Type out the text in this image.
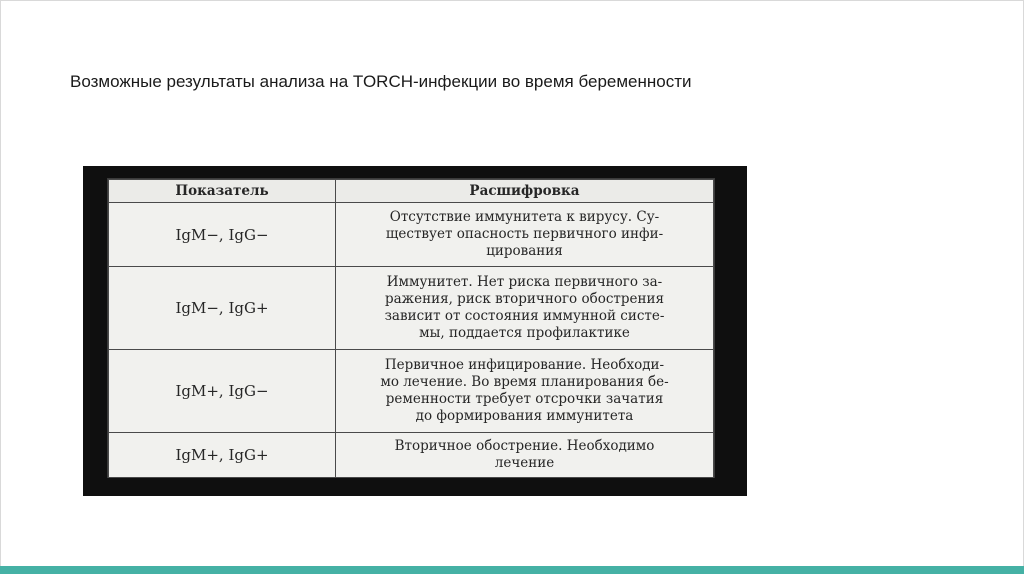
Возможные результаты анализа на TORCH-инфекции во время беременности
Показатель	Расшифровка
IgM−, IgG−	Отсутствие иммунитета к вирусу. Су-
ществует опасность первичного инфи-
цирования

IgM−, IgG+	Иммунитет. Нет риска первичного за-
ражения, риск вторичного обострения
зависит от состояния иммунной систе-
мы, поддается профилактике

IgM+, IgG−	Первичное инфицирование. Необходи-
мо лечение. Во время планирования бе-
ременности требует отсрочки зачатия
до формирования иммунитета

IgM+, IgG+	Вторичное обострение. Необходимо
лечение
